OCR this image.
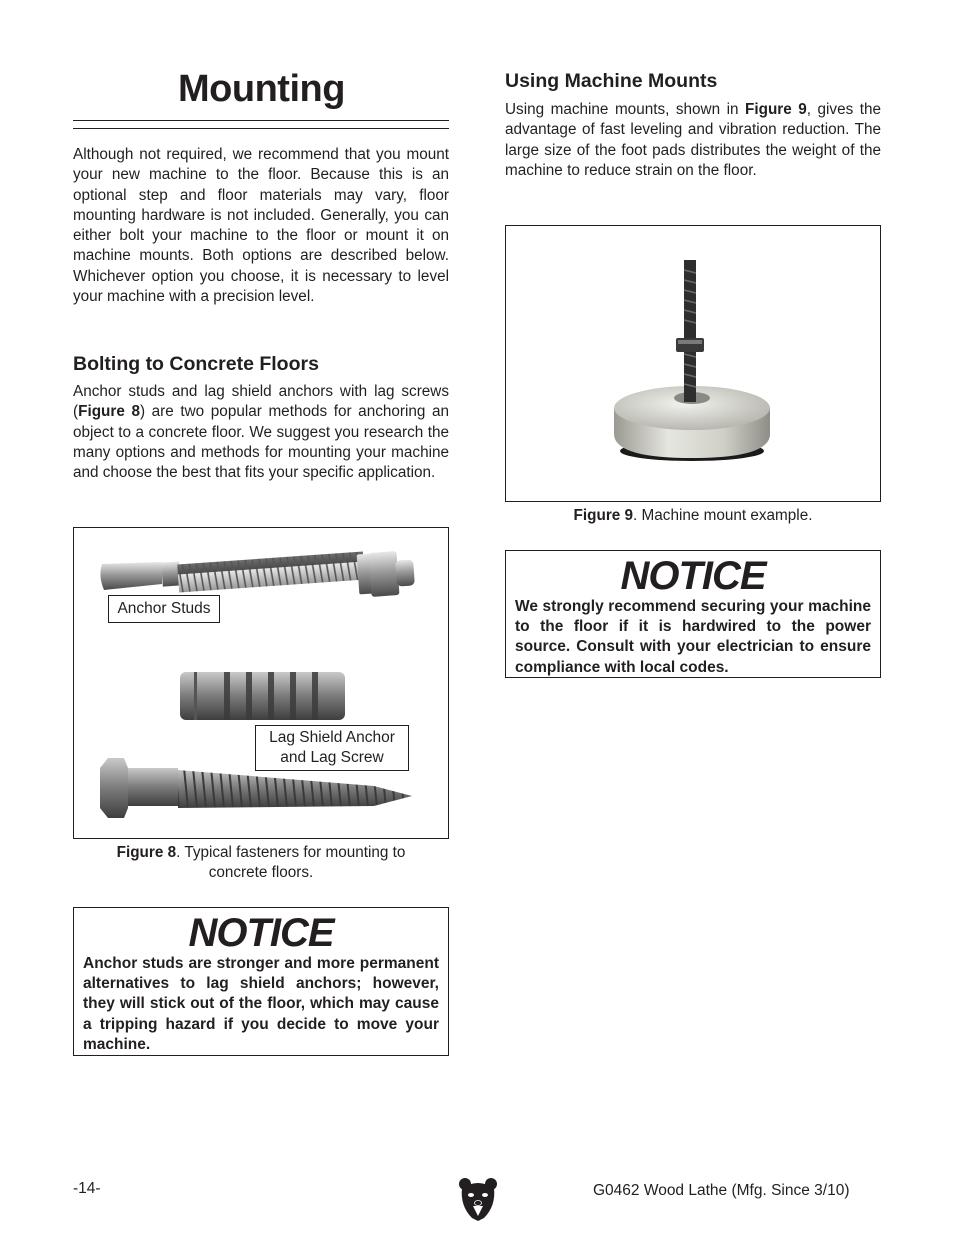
Mounting
Although not required, we recommend that you mount your new machine to the floor. Because this is an optional step and floor materials may vary, floor mounting hardware is not included. Generally, you can either bolt your machine to the floor or mount it on machine mounts. Both options are described below. Whichever option you choose, it is necessary to level your machine with a precision level.
Bolting to Concrete Floors
Anchor studs and lag shield anchors with lag screws (Figure 8) are two popular methods for anchoring an object to a concrete floor. We suggest you research the many options and methods for mounting your machine and choose the best that fits your specific application.
Anchor Studs
Lag Shield Anchor
and Lag Screw
Figure 8. Typical fasteners for mounting to
concrete floors.
NOTICE
Anchor studs are stronger and more permanent alternatives to lag shield anchors; however, they will stick out of the floor, which may cause a tripping hazard if you decide to move your machine.
Using Machine Mounts
Using machine mounts, shown in Figure 9, gives the advantage of fast leveling and vibration reduction. The large size of the foot pads distributes the weight of the machine to reduce strain on the floor.
Figure 9. Machine mount example.
NOTICE
We strongly recommend securing your machine to the floor if it is hardwired to the power source. Consult with your electrician to ensure compliance with local codes.
-14-	G0462 Wood Lathe (Mfg. Since 3/10)
